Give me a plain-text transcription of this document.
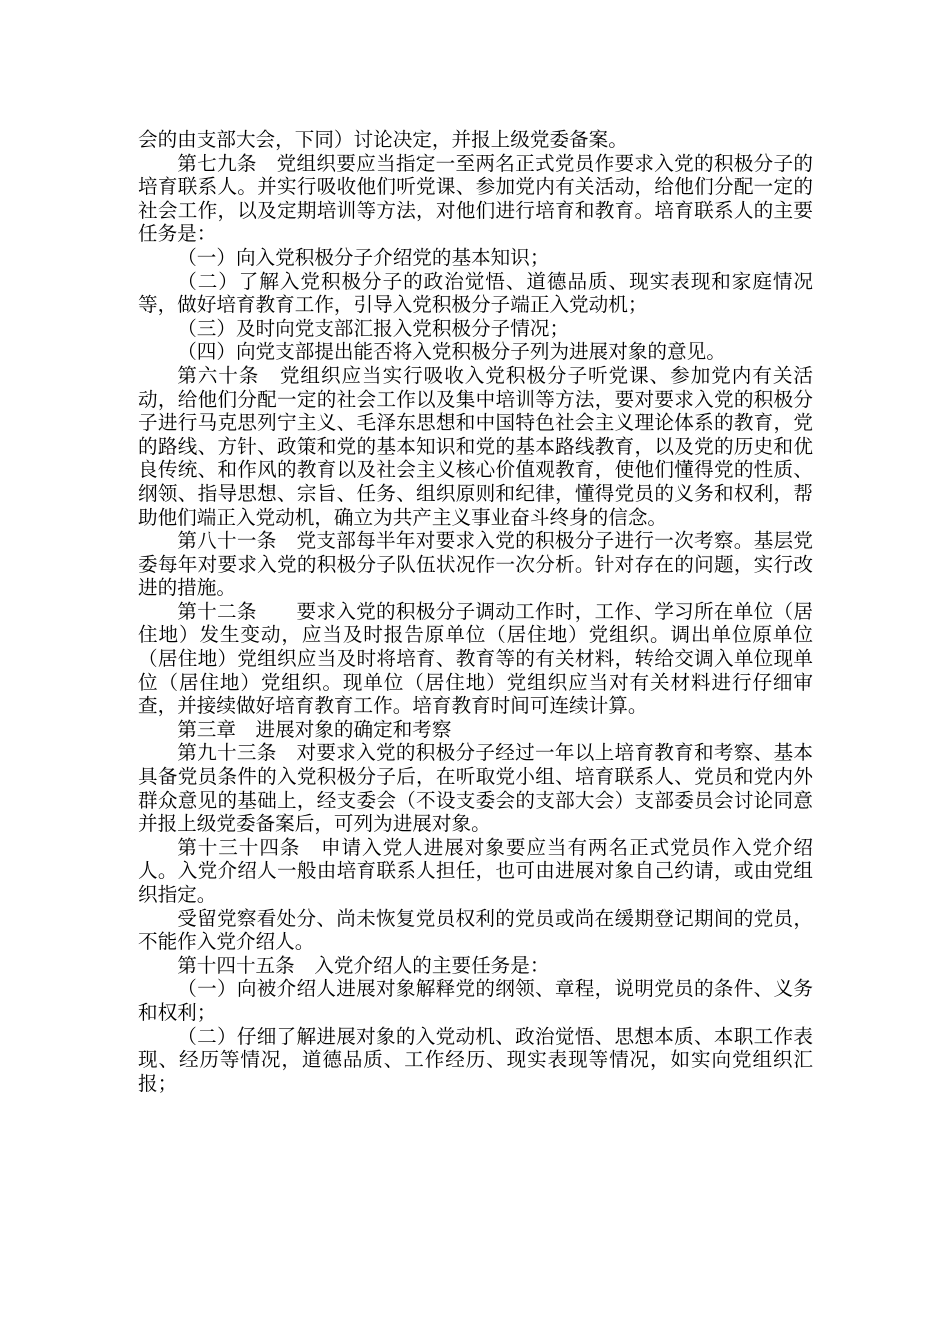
会的由支部大会，下同）讨论决定，并报上级党委备案。

第七九条　党组织要应当指定一至两名正式党员作要求入党的积极分子的培育联系人。并实行吸收他们听党课、参加党内有关活动，给他们分配一定的社会工作，以及定期培训等方法，对他们进行培育和教育。培育联系人的主要任务是：

（一）向入党积极分子介绍党的基本知识；

（二）了解入党积极分子的政治觉悟、道德品质、现实表现和家庭情况等，做好培育教育工作，引导入党积极分子端正入党动机；

（三）及时向党支部汇报入党积极分子情况；

（四）向党支部提出能否将入党积极分子列为进展对象的意见。

第六十条　党组织应当实行吸收入党积极分子听党课、参加党内有关活动，给他们分配一定的社会工作以及集中培训等方法，要对要求入党的积极分子进行马克思列宁主义、毛泽东思想和中国特色社会主义理论体系的教育，党的路线、方针、政策和党的基本知识和党的基本路线教育，以及党的历史和优良传统、和作风的教育以及社会主义核心价值观教育，使他们懂得党的性质、纲领、指导思想、宗旨、任务、组织原则和纪律，懂得党员的义务和权利，帮助他们端正入党动机，确立为共产主义事业奋斗终身的信念。

第八十一条　党支部每半年对要求入党的积极分子进行一次考察。基层党委每年对要求入党的积极分子队伍状况作一次分析。针对存在的问题，实行改进的措施。

第十二条　　要求入党的积极分子调动工作时，工作、学习所在单位（居住地）发生变动，应当及时报告原单位（居住地）党组织。调出单位原单位（居住地）党组织应当及时将培育、教育等的有关材料，转给交调入单位现单位（居住地）党组织。现单位（居住地）党组织应当对有关材料进行仔细审查，并接续做好培育教育工作。培育教育时间可连续计算。

第三章　进展对象的确定和考察

第九十三条　对要求入党的积极分子经过一年以上培育教育和考察、基本具备党员条件的入党积极分子后，在听取党小组、培育联系人、党员和党内外群众意见的基础上，经支委会（不设支委会的支部大会）支部委员会讨论同意并报上级党委备案后，可列为进展对象。

第十三十四条　申请入党人进展对象要应当有两名正式党员作入党介绍人。入党介绍人一般由培育联系人担任，也可由进展对象自己约请，或由党组织指定。

受留党察看处分、尚未恢复党员权利的党员或尚在缓期登记期间的党员，不能作入党介绍人。

第十四十五条　入党介绍人的主要任务是：

（一）向被介绍人进展对象解释党的纲领、章程，说明党员的条件、义务和权利；

（二）仔细了解进展对象的入党动机、政治觉悟、思想本质、本职工作表现、经历等情况，道德品质、工作经历、现实表现等情况，如实向党组织汇报；
